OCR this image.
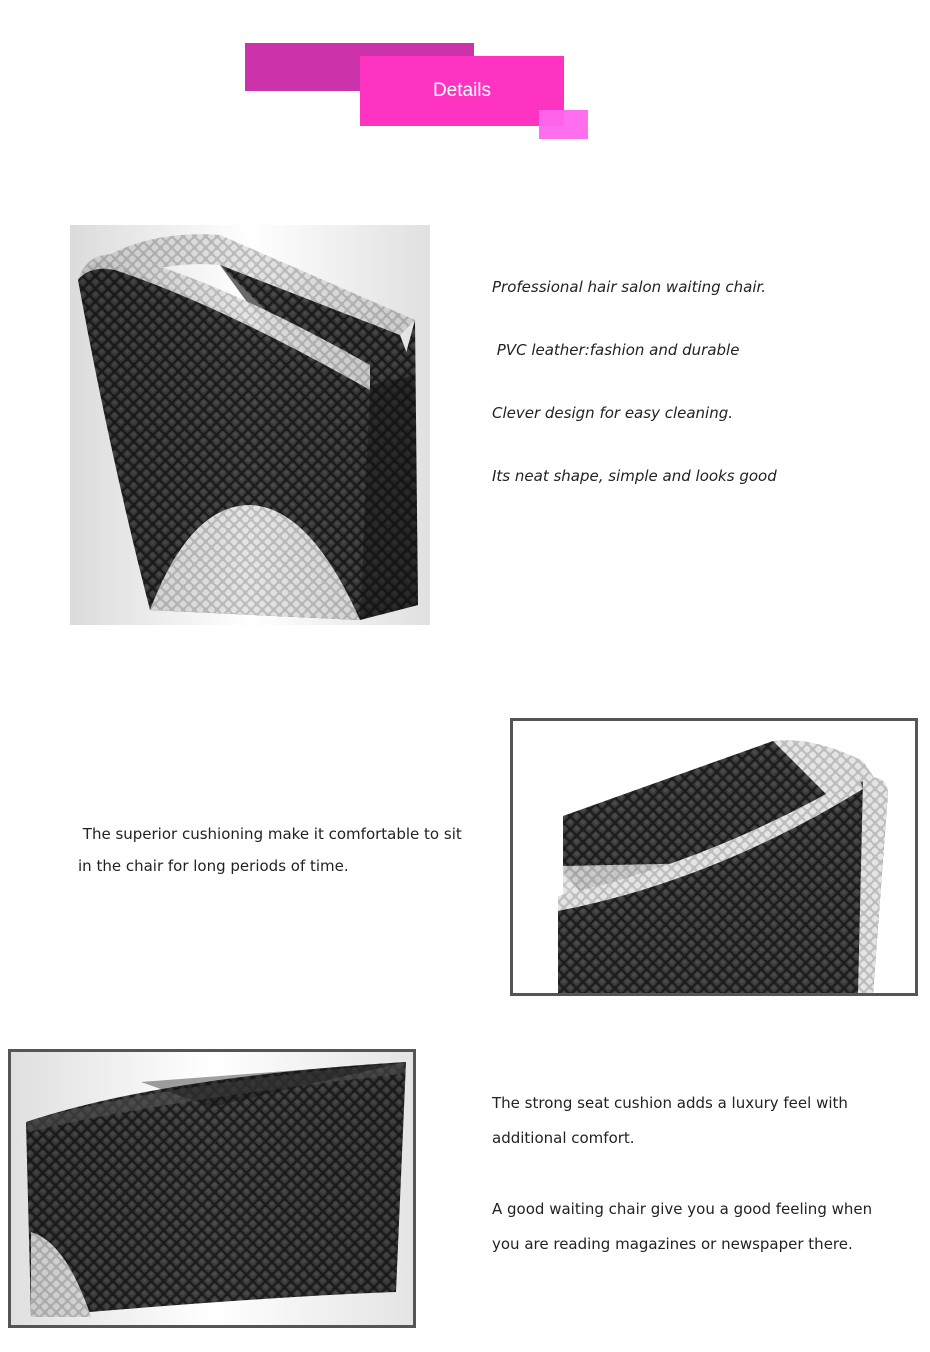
Details
Professional hair salon waiting chair.
PVC leather:fashion and durable
Clever design for easy cleaning.
Its neat shape, simple and looks good
The superior cushioning make it comfortable to sit
in the chair for long periods of time.

The strong seat cushion adds a luxury feel with

additional comfort.

A good waiting chair give you a good feeling when

you are reading magazines or newspaper there.
